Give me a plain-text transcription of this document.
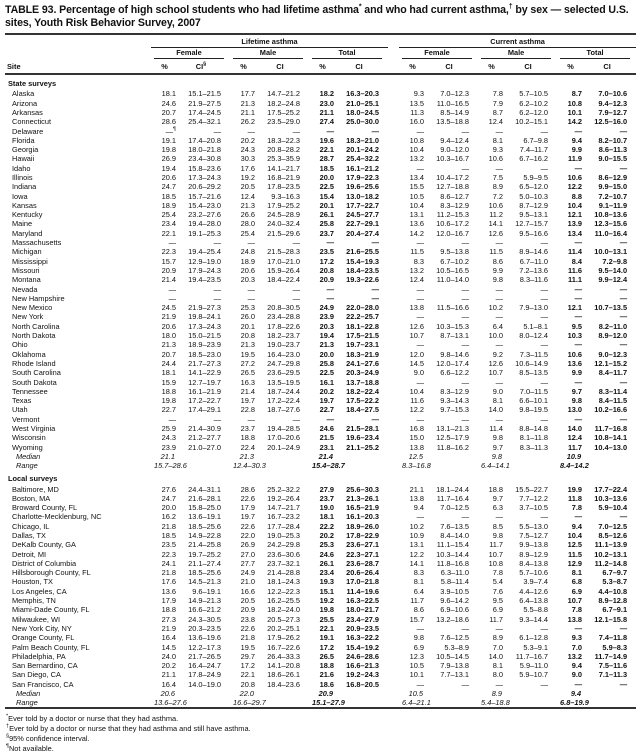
TABLE 93. Percentage of high school students who had lifetime asthma* and who had current asthma,† by sex — selected U.S. sites, Youth Risk Behavior Survey, 2007
	Lifetime asthma							Current asthma					

	Female		Male		Total			Female		Male		Total	

Site	%	CI§	%	CI	%	CI		%	CI	%	CI	%	CI
State surveys													
Alaska	18.1	15.1–21.5	17.7	14.7–21.2	18.2	16.3–20.3		9.3	7.0–12.3	7.8	5.7–10.5	8.7	7.0–10.6
Arizona	24.6	21.9–27.5	21.3	18.2–24.8	23.0	21.0–25.1		13.5	11.0–16.5	7.9	6.2–10.2	10.8	9.4–12.3
Arkansas	20.7	17.4–24.5	21.1	17.5–25.2	21.1	18.0–24.5		11.3	8.5–14.9	8.7	6.2–12.0	10.1	7.9–12.7
Connecticut	28.6	25.4–32.1	26.2	23.5–29.0	27.4	25.0–30.0		16.0	13.5–18.8	12.4	10.2–15.1	14.2	12.5–16.0
Delaware	—¶	—	—	—	—	—		—	—	—	—	—	—
Florida	19.1	17.4–20.8	20.2	18.3–22.3	19.6	18.3–21.0		10.8	9.4–12.4	8.1	6.7–9.8	9.4	8.2–10.7
Georgia	19.8	18.0–21.8	24.3	20.8–28.2	22.1	20.1–24.2		10.4	9.0–12.0	9.3	7.4–11.7	9.9	8.6–11.3
Hawaii	26.9	23.4–30.8	30.3	25.3–35.9	28.7	25.4–32.2		13.2	10.3–16.7	10.6	6.7–16.2	11.9	9.0–15.5
Idaho	19.4	15.8–23.6	17.6	14.1–21.7	18.5	16.1–21.2		—	—	—	—	—	—
Illinois	20.6	17.3–24.3	19.2	16.8–21.9	20.0	17.9–22.3		13.4	10.4–17.2	7.5	5.9–9.5	10.6	8.6–12.9
Indiana	24.7	20.6–29.2	20.5	17.8–23.5	22.5	19.6–25.6		15.5	12.7–18.8	8.9	6.5–12.0	12.2	9.9–15.0
Iowa	18.5	15.7–21.6	12.4	9.3–16.3	15.4	13.0–18.2		10.5	8.6–12.7	7.2	5.0–10.3	8.8	7.2–10.7
Kansas	18.9	15.4–23.0	21.3	17.9–25.2	20.1	17.7–22.7		10.4	8.3–12.9	10.6	8.7–12.9	10.4	9.1–11.9
Kentucky	25.4	23.2–27.6	26.6	24.5–28.9	26.1	24.5–27.7		13.1	11.2–15.3	11.2	9.5–13.1	12.1	10.8–13.6
Maine	23.4	19.4–28.0	28.0	24.0–32.4	25.8	22.7–29.1		13.6	10.6–17.2	14.1	12.7–15.7	13.9	12.3–15.6
Maryland	22.1	19.1–25.3	25.4	21.5–29.6	23.7	20.4–27.4		14.2	12.0–16.7	12.6	9.5–16.6	13.4	11.0–16.4
Massachusetts	—	—	—	—	—	—		—	—	—	—	—	—
Michigan	22.3	19.4–25.4	24.8	21.5–28.3	23.5	21.6–25.5		11.5	9.5–13.8	11.5	8.9–14.6	11.4	10.0–13.1
Mississippi	15.7	12.9–19.0	18.9	17.0–21.0	17.2	15.4–19.3		8.3	6.7–10.2	8.6	6.7–11.0	8.4	7.2–9.8
Missouri	20.9	17.9–24.3	20.6	15.9–26.4	20.8	18.4–23.5		13.2	10.5–16.5	9.9	7.2–13.6	11.6	9.5–14.0
Montana	21.4	19.4–23.5	20.3	18.4–22.4	20.9	19.3–22.6		12.4	11.0–14.0	9.8	8.3–11.6	11.1	9.9–12.4
Nevada	—	—	—	—	—	—		—	—	—	—	—	—
New Hampshire	—	—	—	—	—	—		—	—	—	—	—	—
New Mexico	24.5	21.9–27.3	25.3	20.8–30.5	24.9	22.0–28.0		13.8	11.5–16.6	10.2	7.9–13.0	12.1	10.7–13.5
New York	21.9	19.8–24.1	26.0	23.4–28.8	23.9	22.2–25.7		—	—	—	—	—	—
North Carolina	20.6	17.3–24.3	20.1	17.8–22.6	20.3	18.1–22.8		12.6	10.3–15.3	6.4	5.1–8.1	9.5	8.2–11.0
North Dakota	18.0	15.0–21.5	20.8	18.2–23.7	19.4	17.5–21.5		10.7	8.7–13.1	10.0	8.0–12.4	10.3	8.9–12.0
Ohio	21.3	18.9–23.9	21.3	19.0–23.7	21.3	19.7–23.1		—	—	—	—	—	—
Oklahoma	20.7	18.5–23.0	19.5	16.4–23.0	20.0	18.3–21.9		12.0	9.8–14.6	9.2	7.3–11.5	10.6	9.0–12.3
Rhode Island	24.4	21.7–27.3	27.2	24.7–29.8	25.8	24.1–27.6		14.5	12.0–17.4	12.6	10.6–14.9	13.6	12.1–15.2
South Carolina	18.1	14.1–22.9	26.5	23.6–29.5	22.5	20.3–24.9		9.0	6.6–12.2	10.7	8.5–13.5	9.9	8.4–11.7
South Dakota	15.9	12.7–19.7	16.3	13.5–19.5	16.1	13.7–18.8		—	—	—	—	—	—
Tennessee	18.8	16.1–21.9	21.4	18.7–24.4	20.2	18.2–22.4		10.4	8.3–12.9	9.0	7.0–11.5	9.7	8.3–11.4
Texas	19.8	17.2–22.7	19.7	17.2–22.4	19.7	17.5–22.2		11.6	9.3–14.3	8.1	6.6–10.1	9.8	8.4–11.5
Utah	22.7	17.4–29.1	22.8	18.7–27.6	22.7	18.4–27.5		12.2	9.7–15.3	14.0	9.8–19.5	13.0	10.2–16.6
Vermont	—	—	—	—	—	—		—	—	—	—	—	—
West Virginia	25.9	21.4–30.9	23.7	19.4–28.5	24.6	21.5–28.1		16.8	13.1–21.3	11.4	8.8–14.8	14.0	11.7–16.8
Wisconsin	24.3	21.2–27.7	18.8	17.0–20.6	21.5	19.6–23.4		15.0	12.5–17.9	9.8	8.1–11.8	12.4	10.8–14.1
Wyoming	23.9	21.0–27.0	22.4	20.1–24.9	23.1	21.1–25.2		13.8	11.8–16.2	9.7	8.3–11.3	11.7	10.4–13.0
Median	21.1		21.3		21.4			12.5		9.8		10.9	
Range	15.7–28.6		12.4–30.3		15.4–28.7			8.3–16.8		6.4–14.1		8.4–14.2	
Local surveys													
Baltimore, MD	27.6	24.4–31.1	28.6	25.2–32.2	27.9	25.6–30.3		21.1	18.1–24.4	18.8	15.5–22.7	19.9	17.7–22.4
Boston, MA	24.7	21.6–28.1	22.6	19.2–26.4	23.7	21.3–26.1		13.8	11.7–16.4	9.7	7.7–12.2	11.8	10.3–13.6
Broward County, FL	20.0	15.8–25.0	17.9	14.7–21.7	19.0	16.5–21.9		9.4	7.0–12.5	6.3	3.7–10.5	7.8	5.9–10.4
Charlotte-Mecklenburg, NC	16.2	13.6–19.1	19.7	16.7–23.2	18.1	16.1–20.3		—	—	—	—	—	—
Chicago, IL	21.8	18.5–25.6	22.6	17.7–28.4	22.2	18.9–26.0		10.2	7.6–13.5	8.5	5.5–13.0	9.4	7.0–12.5
Dallas, TX	18.5	14.9–22.8	22.0	19.0–25.3	20.2	17.8–22.9		10.9	8.4–14.0	9.8	7.5–12.7	10.4	8.5–12.6
DeKalb County, GA	23.5	21.4–25.8	26.9	24.2–29.8	25.3	23.6–27.1		13.1	11.1–15.4	11.7	9.9–13.8	12.5	11.1–13.9
Detroit, MI	22.3	19.7–25.2	27.0	23.6–30.6	24.6	22.3–27.1		12.2	10.3–14.4	10.7	8.9–12.9	11.5	10.2–13.1
District of Columbia	24.1	21.1–27.4	27.7	23.7–32.1	26.1	23.6–28.7		14.1	11.8–16.8	10.8	8.4–13.8	12.9	11.2–14.8
Hillsborough County, FL	21.8	18.5–25.6	24.9	21.4–28.8	23.4	20.6–26.4		8.3	6.3–11.0	7.8	5.7–10.6	8.1	6.7–9.7
Houston, TX	17.6	14.5–21.3	21.0	18.1–24.3	19.3	17.0–21.8		8.1	5.8–11.4	5.4	3.9–7.4	6.8	5.3–8.7
Los Angeles, CA	13.6	9.6–19.1	16.6	12.2–22.3	15.1	11.4–19.6		6.4	3.9–10.5	7.6	4.4–12.6	6.9	4.4–10.8
Memphis, TN	17.9	14.9–21.3	20.5	16.2–25.5	19.2	16.3–22.5		11.7	9.6–14.2	9.5	6.4–13.8	10.7	8.9–12.8
Miami-Dade County, FL	18.8	16.6–21.2	20.9	18.2–24.0	19.8	18.0–21.7		8.6	6.9–10.6	6.9	5.5–8.8	7.8	6.7–9.1
Milwaukee, WI	27.3	24.3–30.5	23.8	20.5–27.3	25.5	23.4–27.9		15.7	13.2–18.6	11.7	9.3–14.4	13.8	12.1–15.8
New York City, NY	21.9	20.3–23.5	22.6	20.2–25.1	22.1	20.9–23.5		—	—	—	—	—	—
Orange County, FL	16.4	13.6–19.6	21.8	17.9–26.2	19.1	16.3–22.2		9.8	7.6–12.5	8.9	6.1–12.8	9.3	7.4–11.8
Palm Beach County, FL	14.5	12.2–17.3	19.5	16.7–22.6	17.2	15.4–19.2		6.9	5.3–8.9	7.0	5.3–9.1	7.0	5.9–8.3
Philadelphia, PA	24.0	21.7–26.5	29.7	26.4–33.3	26.5	24.6–28.6		12.3	10.5–14.5	14.0	11.7–16.7	13.2	11.7–14.9
San Bernardino, CA	20.2	16.4–24.7	17.2	14.1–20.8	18.8	16.6–21.3		10.5	7.9–13.8	8.1	5.9–11.0	9.4	7.5–11.6
San Diego, CA	21.1	17.8–24.9	22.1	18.6–26.1	21.6	19.2–24.3		10.1	7.7–13.1	8.0	5.9–10.7	9.0	7.1–11.3
San Francisco, CA	16.4	14.0–19.0	20.8	18.4–23.6	18.6	16.8–20.5		—	—	—	—	—	—
Median	20.6		22.0		20.9			10.5		8.9		9.4	
Range	13.6–27.6		16.6–29.7		15.1–27.9			6.4–21.1		5.4–18.8		6.8–19.9	
*Ever told by a doctor or nurse that they had asthma.
†Ever told by a doctor or nurse that they had asthma and still have asthma.
§95% confidence interval.
¶Not available.
